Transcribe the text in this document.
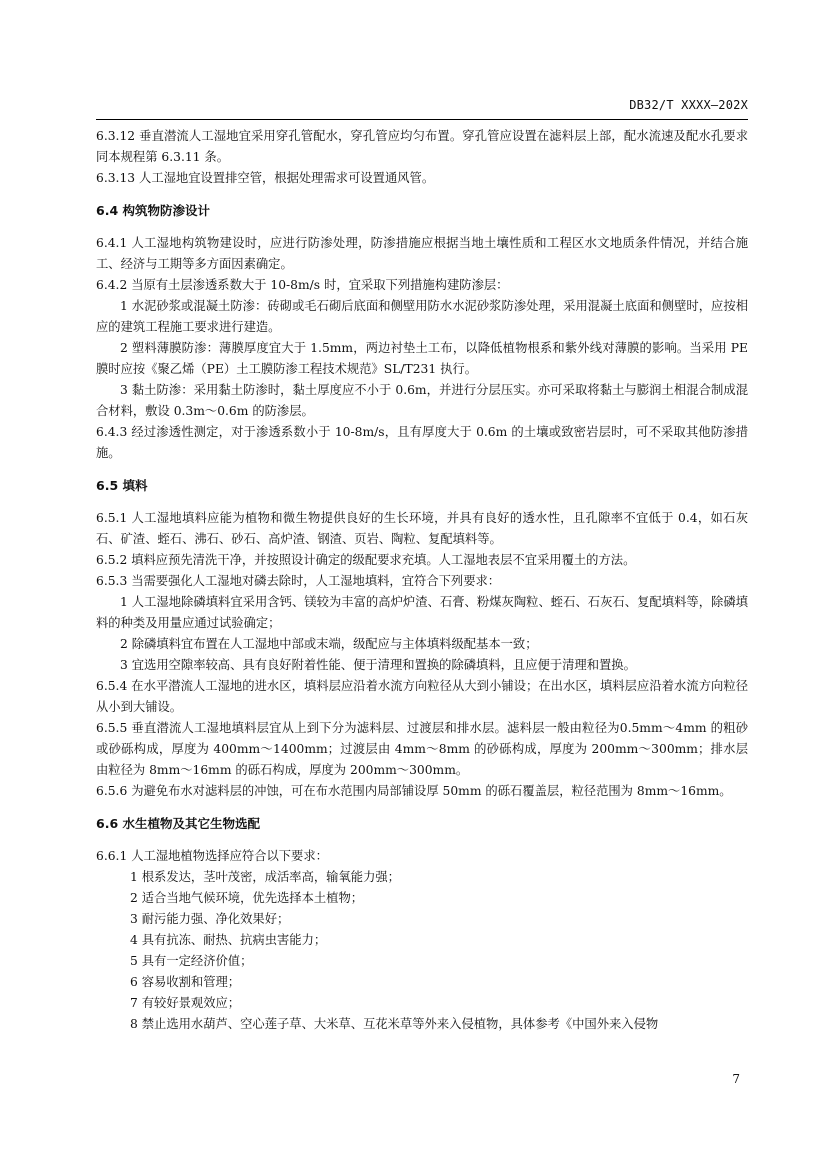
DB32/T XXXX—202X

6.3.12 垂直潜流人工湿地宜采用穿孔管配水，穿孔管应均匀布置。穿孔管应设置在滤料层上部，配水流速及配水孔要求同本规程第 6.3.11 条。

6.3.13 人工湿地宜设置排空管，根据处理需求可设置通风管。

6.4 构筑物防渗设计

6.4.1 人工湿地构筑物建设时，应进行防渗处理，防渗措施应根据当地土壤性质和工程区水文地质条件情况，并结合施工、经济与工期等多方面因素确定。

6.4.2 当原有土层渗透系数大于 10-8m/s 时，宜采取下列措施构建防渗层：

1 水泥砂浆或混凝土防渗：砖砌或毛石砌后底面和侧壁用防水水泥砂浆防渗处理，采用混凝土底面和侧壁时，应按相应的建筑工程施工要求进行建造。

2 塑料薄膜防渗：薄膜厚度宜大于 1.5mm，两边衬垫土工布，以降低植物根系和紫外线对薄膜的影响。当采用 PE 膜时应按《聚乙烯（PE）土工膜防渗工程技术规范》SL/T231 执行。

3 黏土防渗：采用黏土防渗时，黏土厚度应不小于 0.6m，并进行分层压实。亦可采取将黏土与膨润土相混合制成混合材料，敷设 0.3m～0.6m 的防渗层。

6.4.3 经过渗透性测定，对于渗透系数小于 10-8m/s，且有厚度大于 0.6m 的土壤或致密岩层时，可不采取其他防渗措施。

6.5 填料

6.5.1 人工湿地填料应能为植物和微生物提供良好的生长环境，并具有良好的透水性，且孔隙率不宜低于 0.4，如石灰石、矿渣、蛭石、沸石、砂石、高炉渣、钢渣、页岩、陶粒、复配填料等。

6.5.2 填料应预先清洗干净，并按照设计确定的级配要求充填。人工湿地表层不宜采用覆土的方法。

6.5.3 当需要强化人工湿地对磷去除时，人工湿地填料，宜符合下列要求：

1 人工湿地除磷填料宜采用含钙、镁较为丰富的高炉炉渣、石膏、粉煤灰陶粒、蛭石、石灰石、复配填料等，除磷填料的种类及用量应通过试验确定；

2 除磷填料宜布置在人工湿地中部或末端，级配应与主体填料级配基本一致；

3 宜选用空隙率较高、具有良好附着性能、便于清理和置换的除磷填料，且应便于清理和置换。

6.5.4 在水平潜流人工湿地的进水区，填料层应沿着水流方向粒径从大到小铺设；在出水区，填料层应沿着水流方向粒径从小到大铺设。

6.5.5 垂直潜流人工湿地填料层宜从上到下分为滤料层、过渡层和排水层。滤料层一般由粒径为0.5mm～4mm 的粗砂或砂砾构成，厚度为 400mm～1400mm；过渡层由 4mm～8mm 的砂砾构成，厚度为 200mm～300mm；排水层由粒径为 8mm～16mm 的砾石构成，厚度为 200mm～300mm。

6.5.6 为避免布水对滤料层的冲蚀，可在布水范围内局部铺设厚 50mm 的砾石覆盖层，粒径范围为 8mm～16mm。

6.6 水生植物及其它生物选配

6.6.1 人工湿地植物选择应符合以下要求：

1 根系发达，茎叶茂密，成活率高，输氧能力强；
2 适合当地气候环境，优先选择本土植物；
3 耐污能力强、净化效果好；
4 具有抗冻、耐热、抗病虫害能力；
5 具有一定经济价值；
6 容易收割和管理；
7 有较好景观效应；
8 禁止选用水葫芦、空心莲子草、大米草、互花米草等外来入侵植物，具体参考《中国外来入侵物
7
